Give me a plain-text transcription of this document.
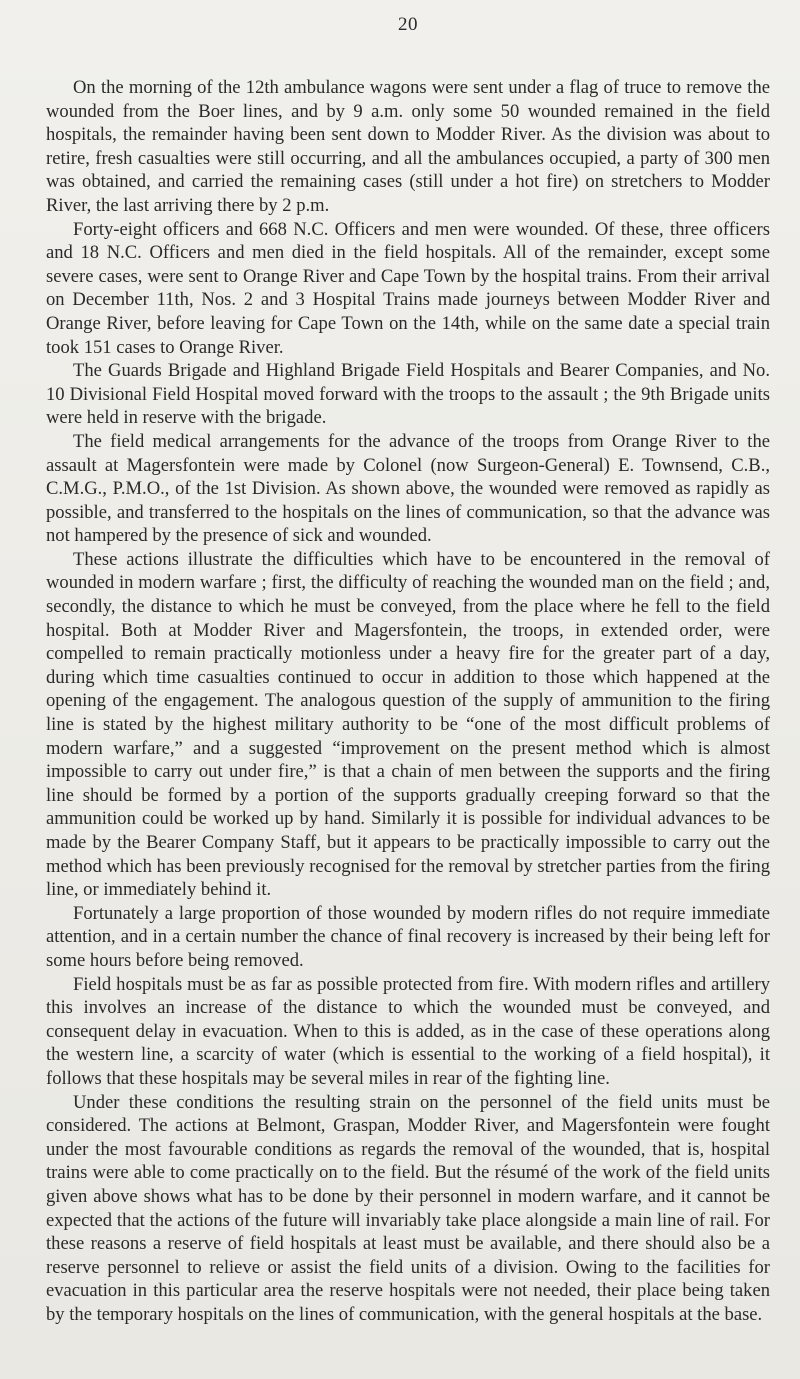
20

On the morning of the 12th ambulance wagons were sent under a flag of truce to remove the wounded from the Boer lines, and by 9 a.m. only some 50 wounded remained in the field hospitals, the remainder having been sent down to Modder River. As the division was about to retire, fresh casualties were still occurring, and all the ambulances occupied, a party of 300 men was obtained, and carried the remaining cases (still under a hot fire) on stretchers to Modder River, the last arriving there by 2 p.m.

Forty-eight officers and 668 N.C. Officers and men were wounded. Of these, three officers and 18 N.C. Officers and men died in the field hospitals. All of the remainder, except some severe cases, were sent to Orange River and Cape Town by the hospital trains. From their arrival on December 11th, Nos. 2 and 3 Hospital Trains made journeys between Modder River and Orange River, before leaving for Cape Town on the 14th, while on the same date a special train took 151 cases to Orange River.

The Guards Brigade and Highland Brigade Field Hospitals and Bearer Companies, and No. 10 Divisional Field Hospital moved forward with the troops to the assault ; the 9th Brigade units were held in reserve with the brigade.

The field medical arrangements for the advance of the troops from Orange River to the assault at Magersfontein were made by Colonel (now Surgeon-General) E. Townsend, C.B., C.M.G., P.M.O., of the 1st Division. As shown above, the wounded were removed as rapidly as possible, and transferred to the hospitals on the lines of communication, so that the advance was not hampered by the presence of sick and wounded.

These actions illustrate the difficulties which have to be encountered in the removal of wounded in modern warfare ; first, the difficulty of reaching the wounded man on the field ; and, secondly, the distance to which he must be conveyed, from the place where he fell to the field hospital. Both at Modder River and Magersfontein, the troops, in extended order, were compelled to remain practically motionless under a heavy fire for the greater part of a day, during which time casualties continued to occur in addition to those which happened at the opening of the engagement. The analogous question of the supply of ammunition to the firing line is stated by the highest military authority to be “one of the most difficult problems of modern warfare,” and a suggested “improvement on the present method which is almost impossible to carry out under fire,” is that a chain of men between the supports and the firing line should be formed by a portion of the supports gradually creeping forward so that the ammunition could be worked up by hand. Similarly it is possible for individual advances to be made by the Bearer Company Staff, but it appears to be practically impossible to carry out the method which has been previously recognised for the removal by stretcher parties from the firing line, or immediately behind it.

Fortunately a large proportion of those wounded by modern rifles do not require immediate attention, and in a certain number the chance of final recovery is increased by their being left for some hours before being removed.

Field hospitals must be as far as possible protected from fire. With modern rifles and artillery this involves an increase of the distance to which the wounded must be conveyed, and consequent delay in evacuation. When to this is added, as in the case of these operations along the western line, a scarcity of water (which is essential to the working of a field hospital), it follows that these hospitals may be several miles in rear of the fighting line.

Under these conditions the resulting strain on the personnel of the field units must be considered. The actions at Belmont, Graspan, Modder River, and Magersfontein were fought under the most favourable conditions as regards the removal of the wounded, that is, hospital trains were able to come practically on to the field. But the résumé of the work of the field units given above shows what has to be done by their personnel in modern warfare, and it cannot be expected that the actions of the future will invariably take place alongside a main line of rail. For these reasons a reserve of field hospitals at least must be available, and there should also be a reserve personnel to relieve or assist the field units of a division. Owing to the facilities for evacuation in this particular area the reserve hospitals were not needed, their place being taken by the temporary hospitals on the lines of communication, with the general hospitals at the base.
